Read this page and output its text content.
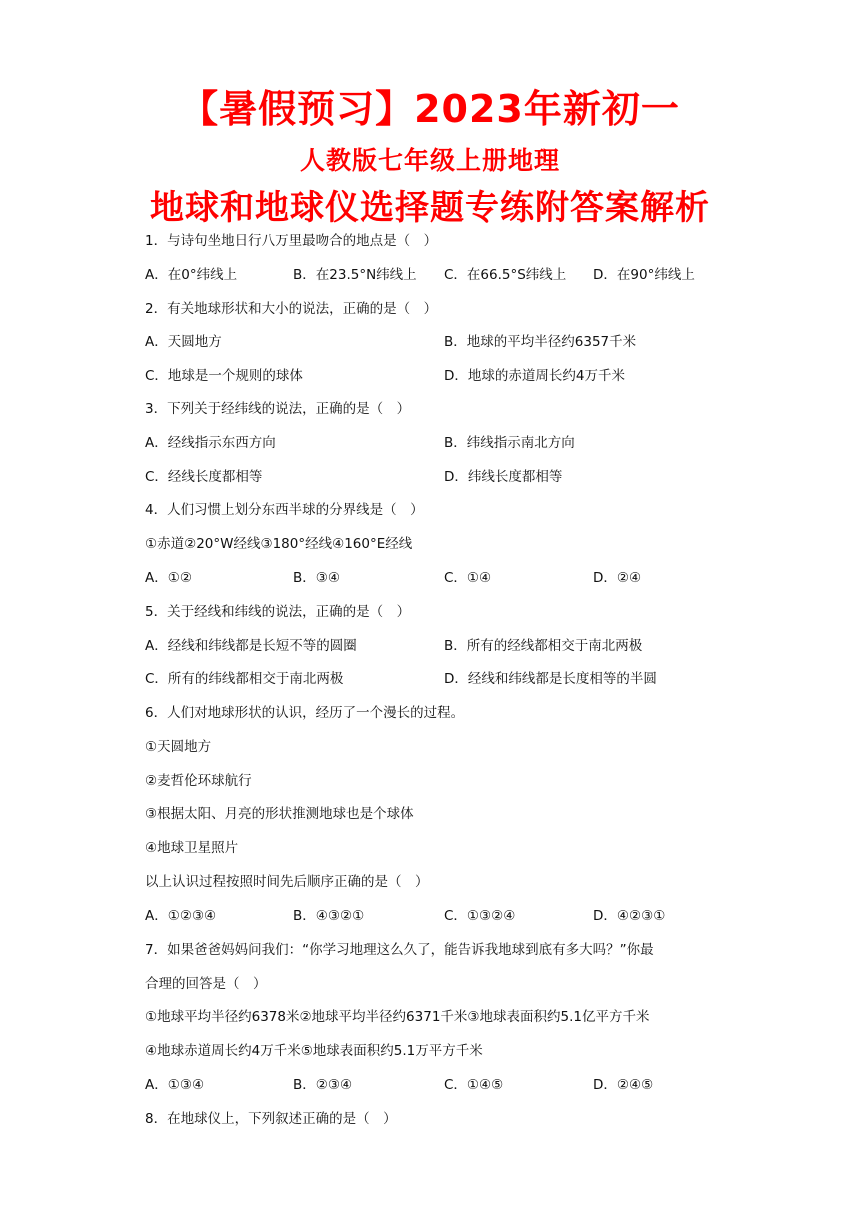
【暑假预习】2023年新初一
人教版七年级上册地理
地球和地球仪选择题专练附答案解析
1．与诗句坐地日行八万里最吻合的地点是（　）
A．在0°纬线上	B．在23.5°N纬线上 C．在66.5°S纬线上 D．在90°纬线上
2．有关地球形状和大小的说法，正确的是（　）
A．天圆地方	B．地球的平均半径约6357千米
C．地球是一个规则的球体	D．地球的赤道周长约4万千米
3．下列关于经纬线的说法，正确的是（　）
A．经线指示东西方向	B．纬线指示南北方向
C．经线长度都相等	D．纬线长度都相等
4．人们习惯上划分东西半球的分界线是（　）
①赤道②20°W经线③180°经线④160°E经线
A．①②	B．③④	C．①④	D．②④
5．关于经线和纬线的说法，正确的是（　）
A．经线和纬线都是长短不等的圆圈	B．所有的经线都相交于南北两极
C．所有的纬线都相交于南北两极	D．经线和纬线都是长度相等的半圆
6．人们对地球形状的认识，经历了一个漫长的过程。
①天圆地方
②麦哲伦环球航行
③根据太阳、月亮的形状推测地球也是个球体
④地球卫星照片
以上认识过程按照时间先后顺序正确的是（　）
A．①②③④	B．④③②①	C．①③②④	D．④②③①
7．如果爸爸妈妈问我们：“你学习地理这么久了，能告诉我地球到底有多大吗？”你最
合理的回答是（　）
①地球平均半径约6378米②地球平均半径约6371千米③地球表面积约5.1亿平方千米
④地球赤道周长约4万千米⑤地球表面积约5.1万平方千米
A．①③④	B．②③④	C．①④⑤	D．②④⑤
8．在地球仪上，下列叙述正确的是（　）
